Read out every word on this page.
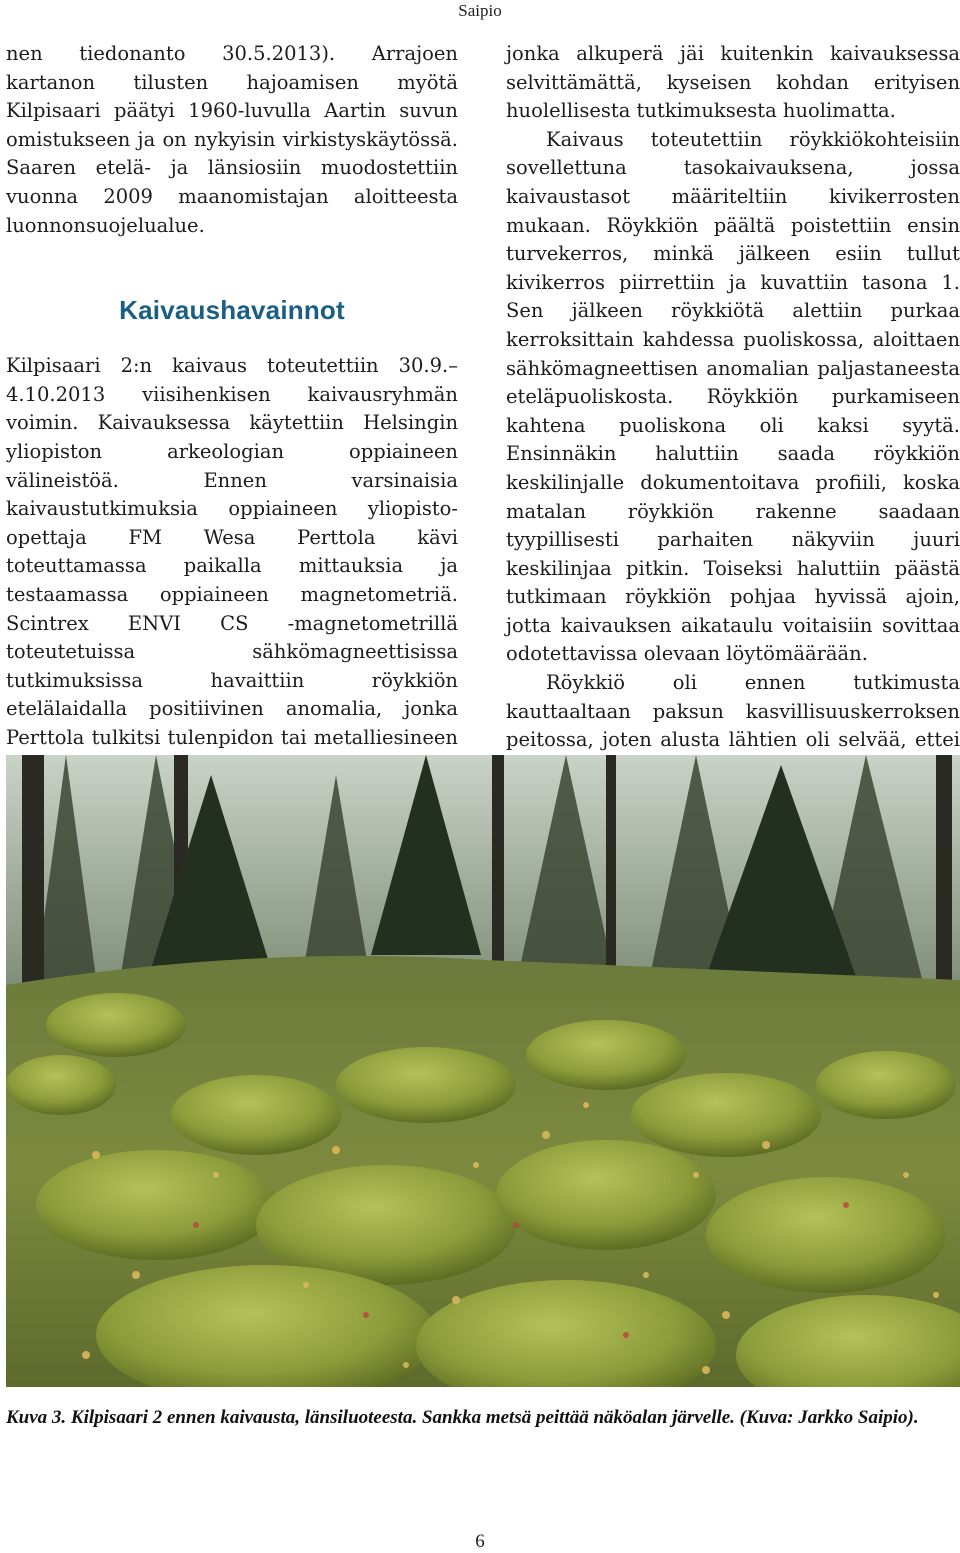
Saipio

nen tiedonanto 30.5.2013). Arrajoen kartanon tilusten hajoamisen myötä Kilpisaari päätyi 1960-luvulla Aartin suvun omistukseen ja on nykyisin virkistyskäytössä. Saaren etelä- ja länsiosiin muodostettiin vuonna 2009 maanomistajan aloitteesta luonnonsuojelualue.

Kaivaushavainnot

Kilpisaari 2:n kaivaus toteutettiin 30.9.–4.10.2013 viisihenkisen kaivausryhmän voimin. Kaivauksessa käytettiin Helsingin yliopiston arkeologian oppiaineen välineistöä. Ennen varsinaisia kaivaustutkimuksia oppiaineen yliopisto-opettaja FM Wesa Perttola kävi toteuttamassa paikalla mittauksia ja testaamassa oppiaineen magnetometriä. Scintrex ENVI CS -magnetometrillä toteutetuissa sähkömagneettisissa tutkimuksissa havaittiin röykkiön etelälaidalla positiivinen anomalia, jonka Perttola tulkitsi tulenpidon tai metalliesineen

jonka alkuperä jäi kuitenkin kaivauksessa selvittämättä, kyseisen kohdan erityisen huolellisesta tutkimuksesta huolimatta.

Kaivaus toteutettiin röykkiökohteisiin sovellettuna tasokaivauksena, jossa kaivaustasot määriteltiin kivikerrosten mukaan. Röykkiön päältä poistettiin ensin turvekerros, minkä jälkeen esiin tullut kivikerros piirrettiin ja kuvattiin tasona 1. Sen jälkeen röykkiötä alettiin purkaa kerroksittain kahdessa puoliskossa, aloittaen sähkömagneettisen anomalian paljastaneesta eteläpuoliskosta. Röykkiön purkamiseen kahtena puoliskona oli kaksi syytä. Ensinnäkin haluttiin saada röykkiön keskilinjalle dokumentoitava profiili, koska matalan röykkiön rakenne saadaan tyypillisesti parhaiten näkyviin juuri keskilinjaa pitkin. Toiseksi haluttiin päästä tutkimaan röykkiön pohjaa hyvissä ajoin, jotta kaivauksen aikataulu voitaisiin sovittaa odotettavissa olevaan löytömäärään.

Röykkiö oli ennen tutkimusta kauttaaltaan paksun kasvillisuuskerroksen peitossa, joten alusta lähtien oli selvää, ettei

Kuva 3. Kilpisaari 2 ennen kaivausta, länsiluoteesta. Sankka metsä peittää näköalan järvelle. (Kuva: Jarkko Saipio).
6
